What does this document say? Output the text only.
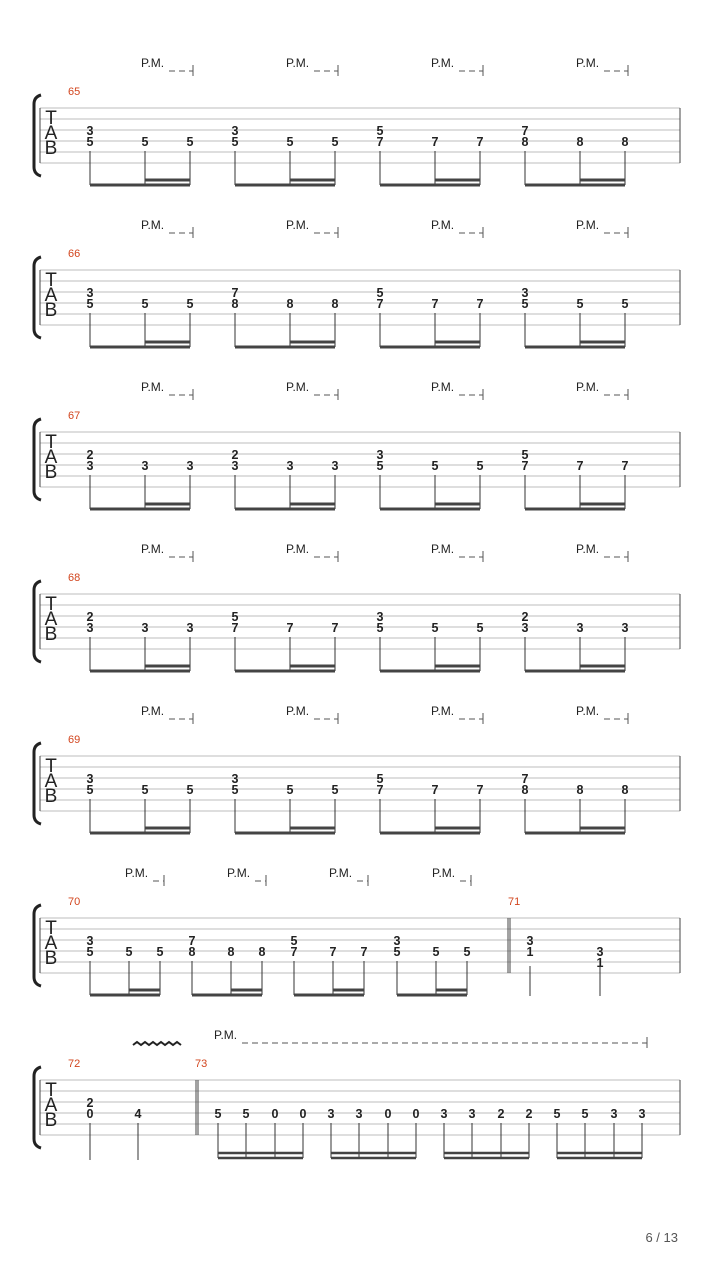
T
A
B
65
3
5	5	5
P.M.
3
5	5	5
P.M.
5
7	7	7
P.M.
7
8	8	8
P.M.
T
A
B
66
3
5	5	5
P.M.
7
8	8	8
P.M.
5
7	7	7
P.M.
3
5	5	5
P.M.
T
A
B
67
2
3	3	3
P.M.
2
3	3	3
P.M.
3
5	5	5
P.M.
5
7	7	7
P.M.
T
A
B
68
2
3	3	3
P.M.
5
7	7	7
P.M.
3
5	5	5
P.M.
2
3	3	3
P.M.
T
A
B
69
3
5	5	5
P.M.
3
5	5	5
P.M.
5
7	7	7
P.M.
7
8	8	8
P.M.
T
A
B
70
3
5	5 5
P.M.
7
8	8 8
P.M.
5
7	7 7
P.M.
3
5	5 5
P.M.
71
3
1	3
1
T
A
B
72
2
0	4
73
P.M.
5 5 0 0 3 3 0 0 3 3 2 2 5 5 3 3
6 / 13
